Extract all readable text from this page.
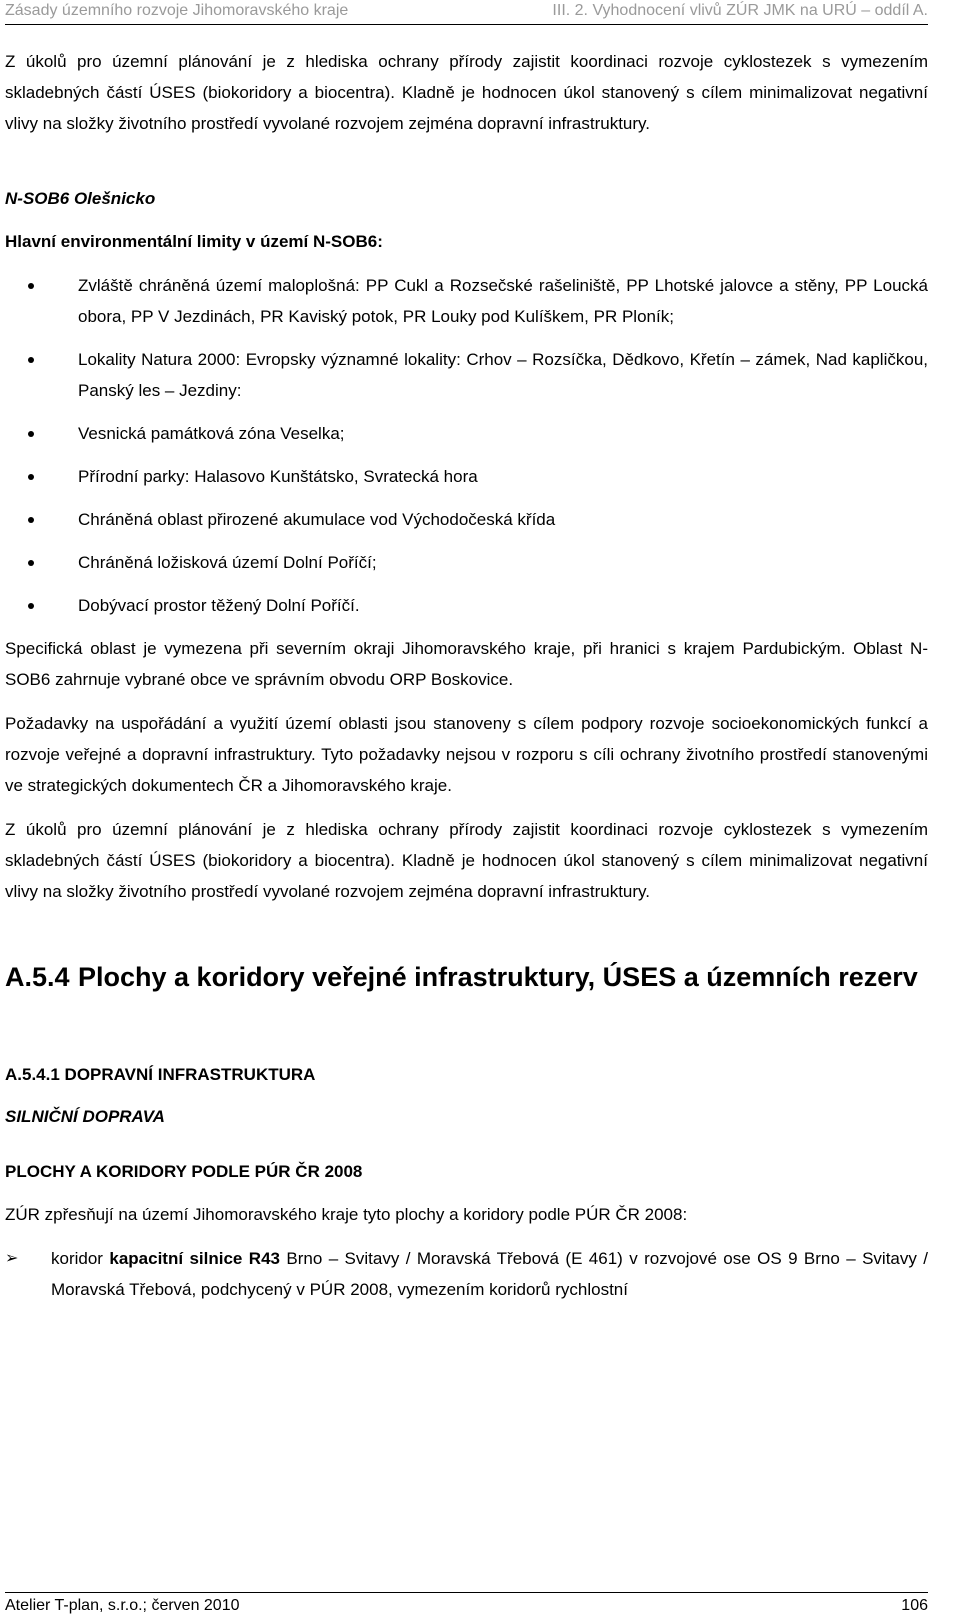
Zásady územního rozvoje Jihomoravského kraje	III. 2. Vyhodnocení vlivů ZÚR JMK na URÚ – oddíl A.

Z úkolů pro územní plánování je z hlediska ochrany přírody zajistit koordinaci rozvoje cyklostezek s vymezením skladebných částí ÚSES (biokoridory a biocentra). Kladně je hodnocen úkol stanovený s cílem minimalizovat negativní vlivy na složky životního prostředí vyvolané rozvojem zejména dopravní infrastruktury.

N-SOB6 Olešnicko
Hlavní environmentální limity v území N-SOB6:
Zvláště chráněná území maloplošná: PP Cukl a Rozsečské rašeliniště, PP Lhotské jalovce a stěny, PP Loucká obora, PP V Jezdinách, PR Kaviský potok, PR Louky pod Kulíškem, PR Ploník;
Lokality Natura 2000: Evropsky významné lokality: Crhov – Rozsíčka, Dědkovo, Křetín – zámek, Nad kapličkou, Panský les – Jezdiny:
Vesnická památková zóna Veselka;
Přírodní parky: Halasovo Kunštátsko, Svratecká hora
Chráněná oblast přirozené akumulace vod Východočeská křída
Chráněná ložisková území Dolní Poříčí;
Dobývací prostor těžený Dolní Poříčí.

Specifická oblast je vymezena při severním okraji Jihomoravského kraje, při hranici s krajem Pardubickým. Oblast N-SOB6 zahrnuje vybrané obce ve správním obvodu ORP Boskovice.

Požadavky na uspořádání a využití území oblasti jsou stanoveny s cílem podpory rozvoje socioekonomických funkcí a rozvoje veřejné a dopravní infrastruktury. Tyto požadavky nejsou v rozporu s cíli ochrany životního prostředí stanovenými ve strategických dokumentech ČR a Jihomoravského kraje.

Z úkolů pro územní plánování je z hlediska ochrany přírody zajistit koordinaci rozvoje cyklostezek s vymezením skladebných částí ÚSES (biokoridory a biocentra). Kladně je hodnocen úkol stanovený s cílem minimalizovat negativní vlivy na složky životního prostředí vyvolané rozvojem zejména dopravní infrastruktury.

A.5.4 Plochy a koridory veřejné infrastruktury, ÚSES a územních rezerv
A.5.4.1 DOPRAVNÍ INFRASTRUKTURA
SILNIČNÍ DOPRAVA
PLOCHY A KORIDORY PODLE PÚR ČR 2008

ZÚR zpřesňují na území Jihomoravského kraje tyto plochy a koridory podle PÚR ČR 2008:

➢ koridor kapacitní silnice R43 Brno – Svitavy / Moravská Třebová (E 461) v rozvojové ose OS 9 Brno – Svitavy / Moravská Třebová, podchycený v PÚR 2008, vymezením koridorů rychlostní
Atelier T-plan, s.r.o.; červen 2010	106
